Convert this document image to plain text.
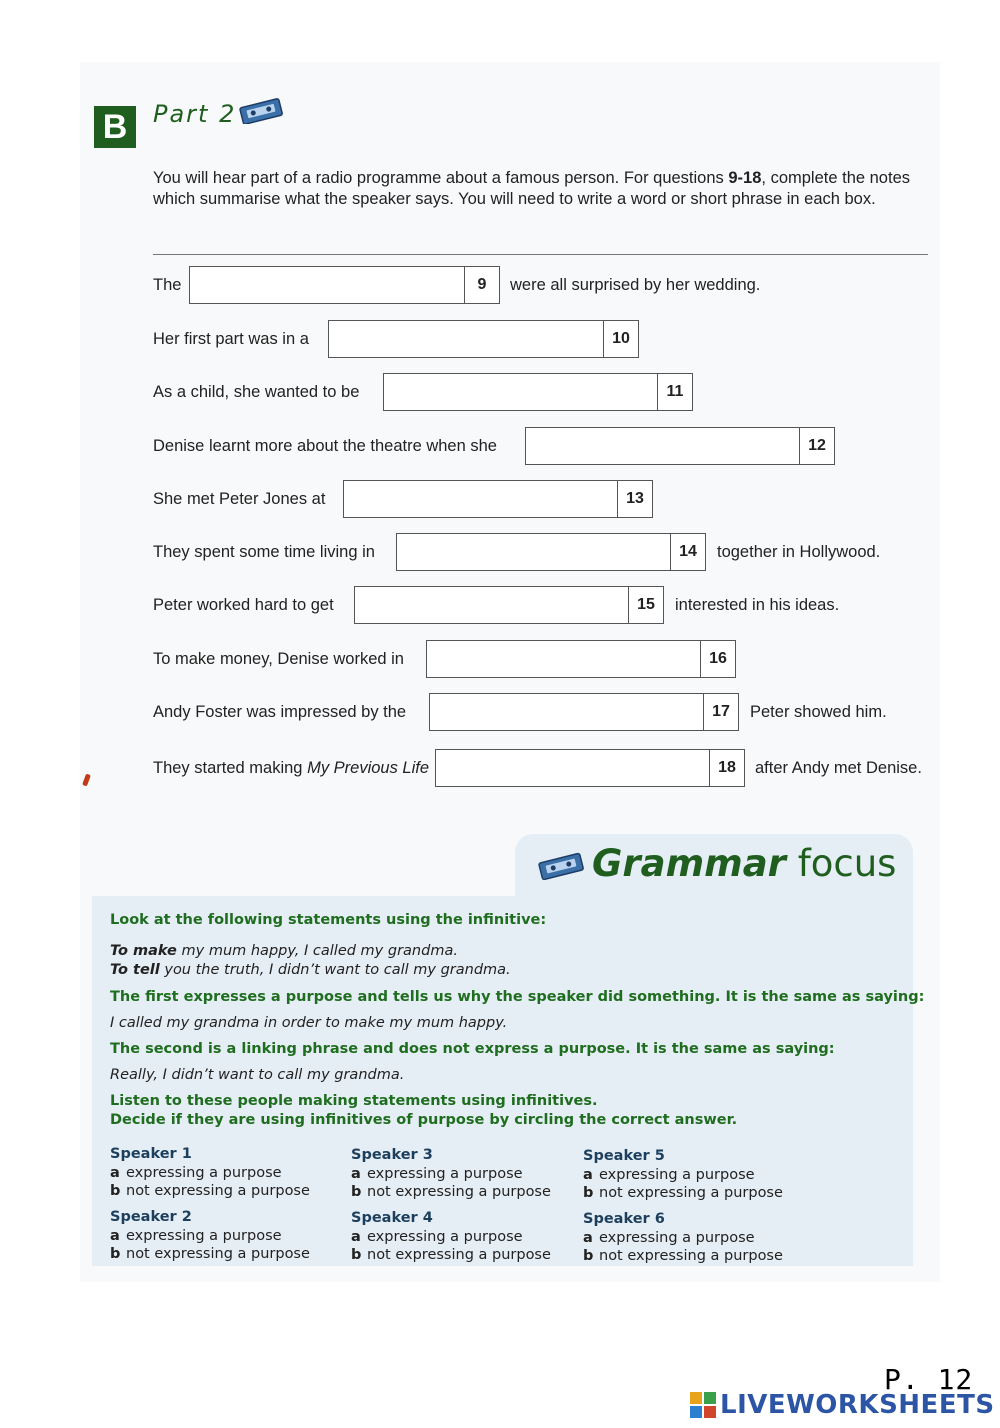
B	Part 2
You will hear part of a radio programme about a famous person. For questions 9-18, complete the notes which summarise what the speaker says. You will need to write a word or short phrase in each box.
The	9	were all surprised by her wedding.
Her first part was in a	10
As a child, she wanted to be	11
Denise learnt more about the theatre when she	12
She met Peter Jones at	13
They spent some time living in	14	together in Hollywood.
Peter worked hard to get	15	interested in his ideas.
To make money, Denise worked in	16
Andy Foster was impressed by the	17	Peter showed him.
They started making My Previous Life	18	after Andy met Denise.
Grammar focus
Look at the following statements using the infinitive:
To make my mum happy, I called my grandma.
To tell you the truth, I didn’t want to call my grandma.
The first expresses a purpose and tells us why the speaker did something. It is the same as saying:
I called my grandma in order to make my mum happy.
The second is a linking phrase and does not express a purpose. It is the same as saying:
Really, I didn’t want to call my grandma.
Listen to these people making statements using infinitives.
Decide if they are using infinitives of purpose by circling the correct answer.
Speaker 1
a expressing a purpose
b not expressing a purpose
Speaker 2
a expressing a purpose
b not expressing a purpose
Speaker 3
a expressing a purpose
b not expressing a purpose
Speaker 4
a expressing a purpose
b not expressing a purpose
Speaker 5
a expressing a purpose
b not expressing a purpose
Speaker 6
a expressing a purpose
b not expressing a purpose
P. 12
LIVEWORKSHEETS
